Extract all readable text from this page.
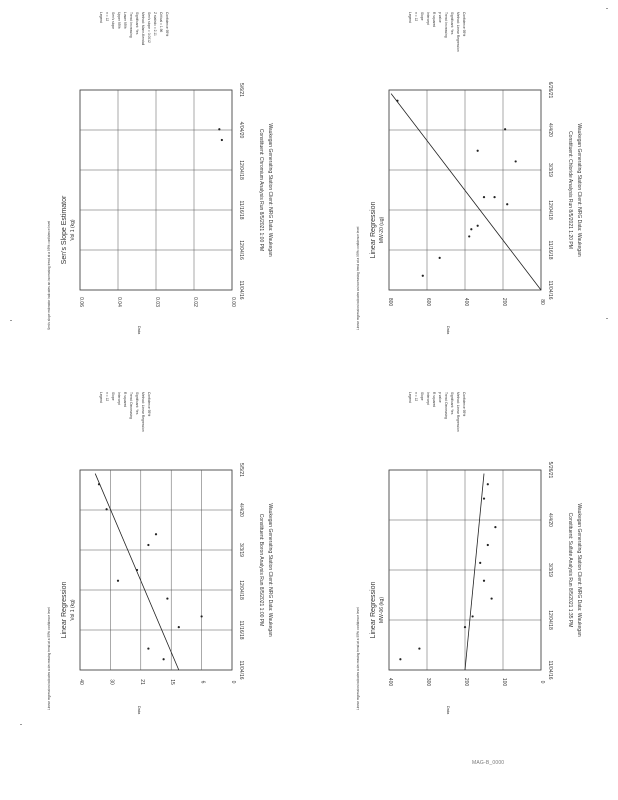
11/04/16
12/04/16
11/16/18
12/04/18
4/04/20
5/6/21
0.00
0.02
0.03
0.04
0.06
Sen's Slope Estimator Vol 1 (kg)
Sen's slope estimator indicates an increasing trend at a 95% confidence level	Data
Constituent: Chromium Analysis Run 8/5/2021 1:00 PM Waukegan Generating Station Client: NRG Data: Waukegan
Legend n = 12 Sen's slope Upper 95% Lower 95% Trend: Increasing Significant: Yes Method: Mann-Kendall Sen's slope = 0.0012 Z statistic = 2.11 Critical = 1.96 Confidence 95%
11/04/16
11/16/18
12/04/18
3/3/19
4/4/20
6/26/21
80
200
400
600
800
Linear Regression MW-20 (ug)
Linear regression indicates an increasing trend at a 95% confidence level	Data
Constituent: Chloride Analysis Run 8/5/2021 1:20 PM Waukegan Generating Station Client: NRG Data: Waukegan
Legend n = 12 Slope Intercept R squared p value Trend: Increasing Significant: Yes Method: Linear Regression Confidence 95%
11/04/16
11/16/18
12/04/18
3/3/19
4/4/20
5/5/21
0
6
15
21
30
40
Linear Regression Vol 1 (kg)
Linear regression indicates a decreasing trend at a 95% confidence level	Data
Constituent: Boron Analysis Run 8/5/2021 1:00 PM Waukegan Generating Station Client: NRG Data: Waukegan
Legend n = 12 Slope Intercept R squared Trend: Decreasing Significant: Yes Method: Linear Regression Confidence 95%
11/04/16
12/04/18
3/3/19
4/4/20
5/26/21
0
100
200
300
400
Linear Regression MW-06 (kg)
Linear regression indicates a decreasing trend at a 95% confidence level	Data
Constituent: Sulfate Analysis Run 8/5/2021 1:35 PM Waukegan Generating Station Client: NRG Data: Waukegan
Legend n = 12 Slope Intercept R squared p value Trend: Decreasing Significant: Yes Method: Linear Regression Confidence 95%
MAG-B_0000
